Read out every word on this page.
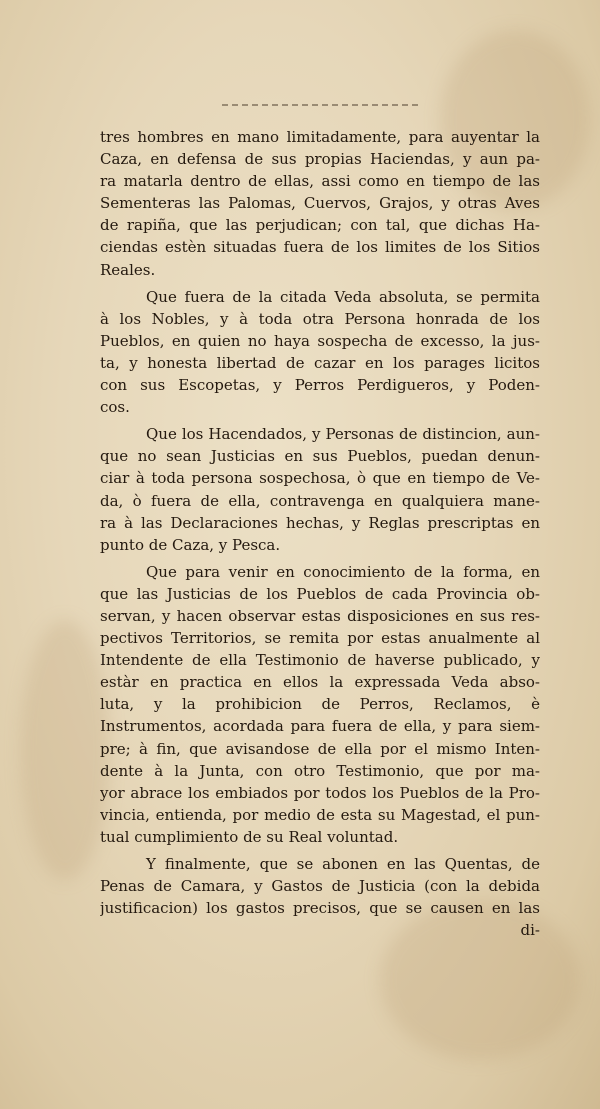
tres hombres en mano limitadamente, para auyentar la
Caza, en defensa de sus propias Haciendas, y aun pa-
ra matarla dentro de ellas, assi como en tiempo de las
Sementeras las Palomas, Cuervos, Grajos, y otras Aves
de rapiña, que las perjudican; con tal, que dichas Ha-
ciendas estèn situadas fuera de los limites de los Sitios
Reales.
Que fuera de la citada Veda absoluta, se permita
à los Nobles, y à toda otra Persona honrada de los
Pueblos, en quien no haya sospecha de excesso, la jus-
ta, y honesta libertad de cazar en los parages licitos
con sus Escopetas, y Perros Perdigueros, y Poden-
cos.
Que los Hacendados, y Personas de distincion, aun-
que no sean Justicias en sus Pueblos, puedan denun-
ciar à toda persona sospechosa, ò que en tiempo de Ve-
da, ò fuera de ella, contravenga en qualquiera mane-
ra à las Declaraciones hechas, y Reglas prescriptas en
punto de Caza, y Pesca.
Que para venir en conocimiento de la forma, en
que las Justicias de los Pueblos de cada Provincia ob-
servan, y hacen observar estas disposiciones en sus res-
pectivos Territorios, se remita por estas anualmente al
Intendente de ella Testimonio de haverse publicado, y
estàr en practica en ellos la expressada Veda abso-
luta, y la prohibicion de Perros, Reclamos, è
Instrumentos, acordada para fuera de ella, y para siem-
pre; à fin, que avisandose de ella por el mismo Inten-
dente à la Junta, con otro Testimonio, que por ma-
yor abrace los embiados por todos los Pueblos de la Pro-
vincia, entienda, por medio de esta su Magestad, el pun-
tual cumplimiento de su Real voluntad.
Y finalmente, que se abonen en las Quentas, de
Penas de Camara, y Gastos de Justicia (con la debida
justificacion) los gastos precisos, que se causen en las
di-
